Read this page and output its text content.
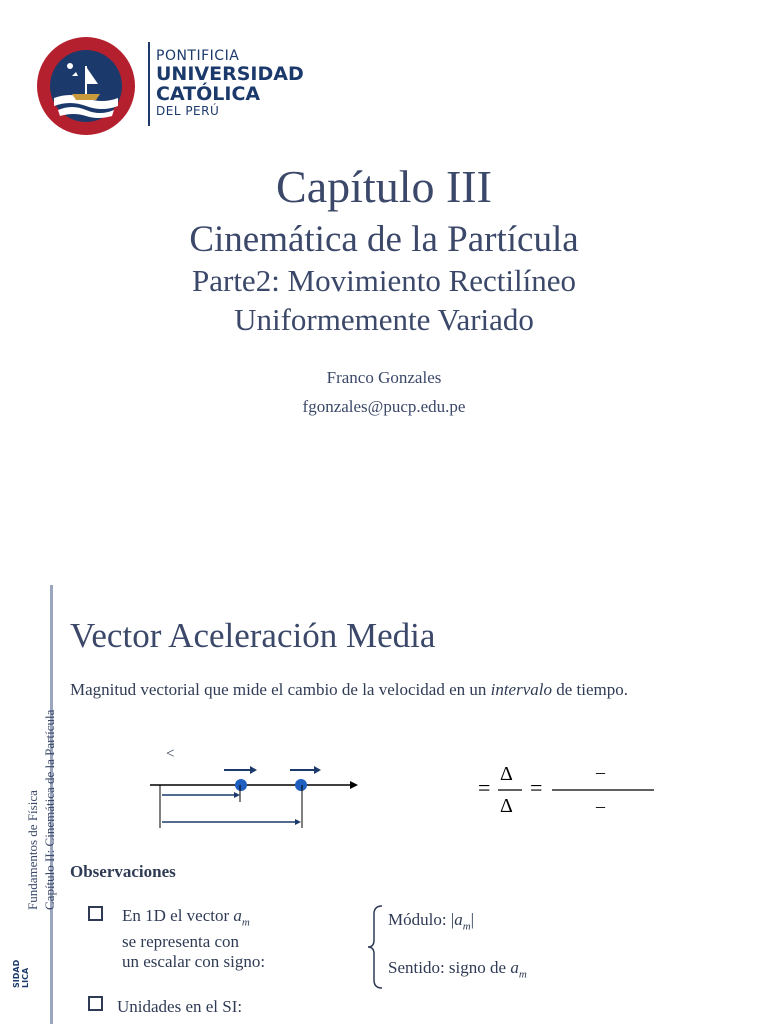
PONTIFICIA
UNIVERSIDAD
CATÓLICA
DEL PERÚ
Capítulo III
Cinemática de la Partícula
Parte2: Movimiento Rectilíneo
Uniformemente Variado
Franco Gonzales
fgonzales@pucp.edu.pe
Fundamentos de Física Capítulo II: Cinemática de la Partícula
SIDAD LICA
Vector Aceleración Media
Magnitud vectorial que mide el cambio de la velocidad en un intervalo de tiempo.
<
=
Δ
Δ
=
–
–
Observaciones
En 1D el vector $a_m$
se representa con
un escalar con signo:
Módulo: $|a_m|$
Sentido: signo de $a_m$
Unidades en el SI:
